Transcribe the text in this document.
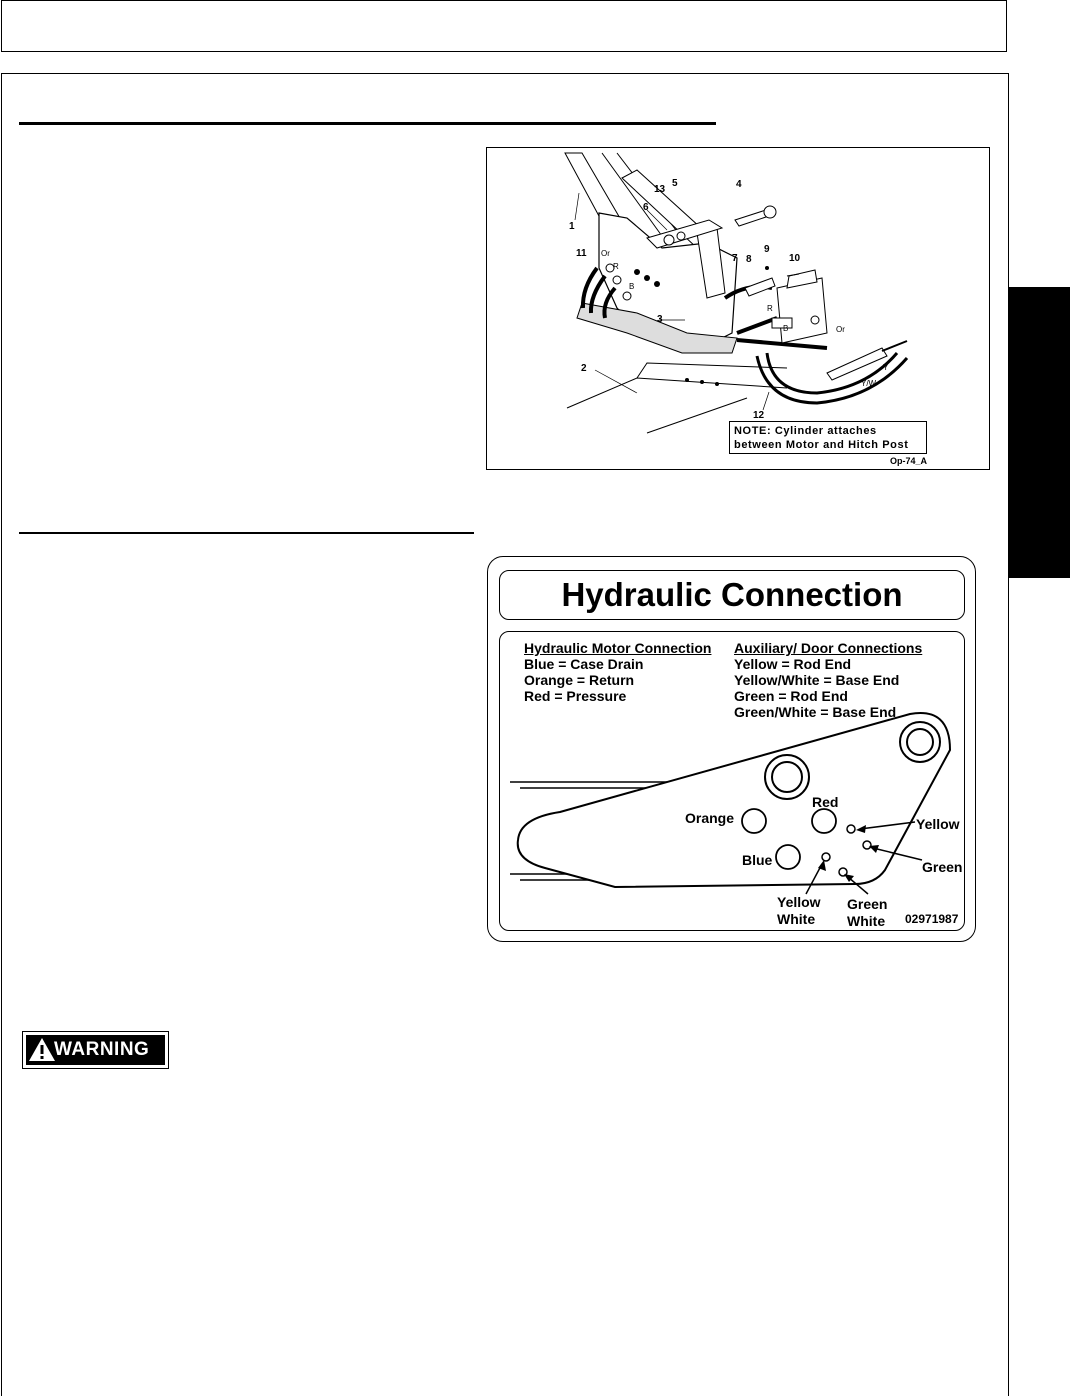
1
2
3
4
5
6
7 8
9
10
11
12
13
Or
R
B
R
B	Or
Y
Y/W
NOTE: Cylinder attaches between Motor and Hitch Post
Op-74_A
Hydraulic Connection
Hydraulic Motor Connection
Blue = Case Drain
Orange = Return
Red = Pressure
Auxiliary/ Door Connections
Yellow = Rod End
Yellow/White = Base End
Green = Rod End
Green/White = Base End
Orange
Red
Blue
Yellow
Green
Yellow
White
Green
White 02971987
WARNING
